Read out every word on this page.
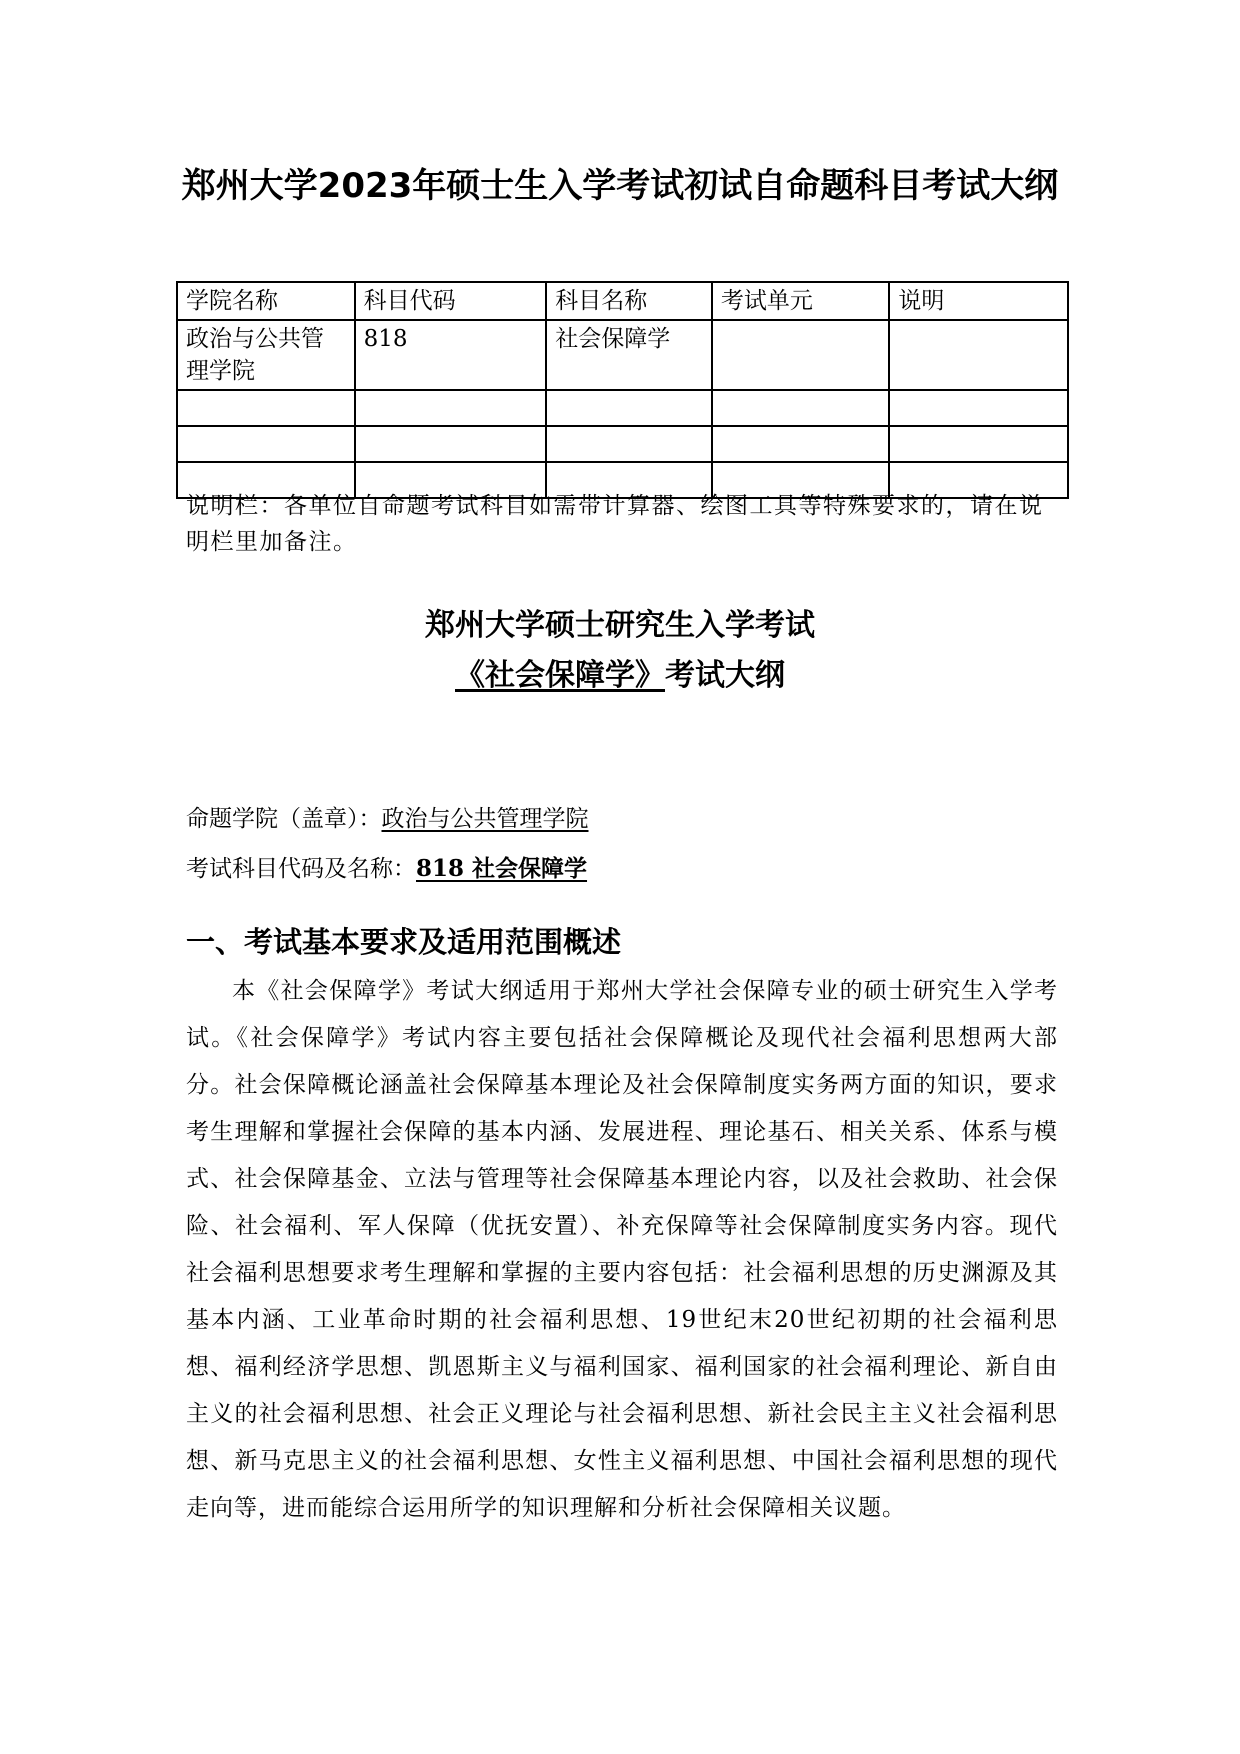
郑州大学2023年硕士生入学考试初试自命题科目考试大纲
学院名称	科目代码	科目名称	考试单元	说明
政治与公共管理学院	818	社会保障学		

说明栏：各单位自命题考试科目如需带计算器、绘图工具等特殊要求的，请在说明栏里加备注。
郑州大学硕士研究生入学考试
《社会保障学》考试大纲
命题学院（盖章）：政治与公共管理学院
考试科目代码及名称：818 社会保障学
一、考试基本要求及适用范围概述
本《社会保障学》考试大纲适用于郑州大学社会保障专业的硕士研究生入学考试。《社会保障学》考试内容主要包括社会保障概论及现代社会福利思想两大部分。社会保障概论涵盖社会保障基本理论及社会保障制度实务两方面的知识，要求考生理解和掌握社会保障的基本内涵、发展进程、理论基石、相关关系、体系与模式、社会保障基金、立法与管理等社会保障基本理论内容，以及社会救助、社会保险、社会福利、军人保障（优抚安置）、补充保障等社会保障制度实务内容。现代社会福利思想要求考生理解和掌握的主要内容包括：社会福利思想的历史渊源及其基本内涵、工业革命时期的社会福利思想、19世纪末20世纪初期的社会福利思想、福利经济学思想、凯恩斯主义与福利国家、福利国家的社会福利理论、新自由主义的社会福利思想、社会正义理论与社会福利思想、新社会民主主义社会福利思想、新马克思主义的社会福利思想、女性主义福利思想、中国社会福利思想的现代走向等，进而能综合运用所学的知识理解和分析社会保障相关议题。
